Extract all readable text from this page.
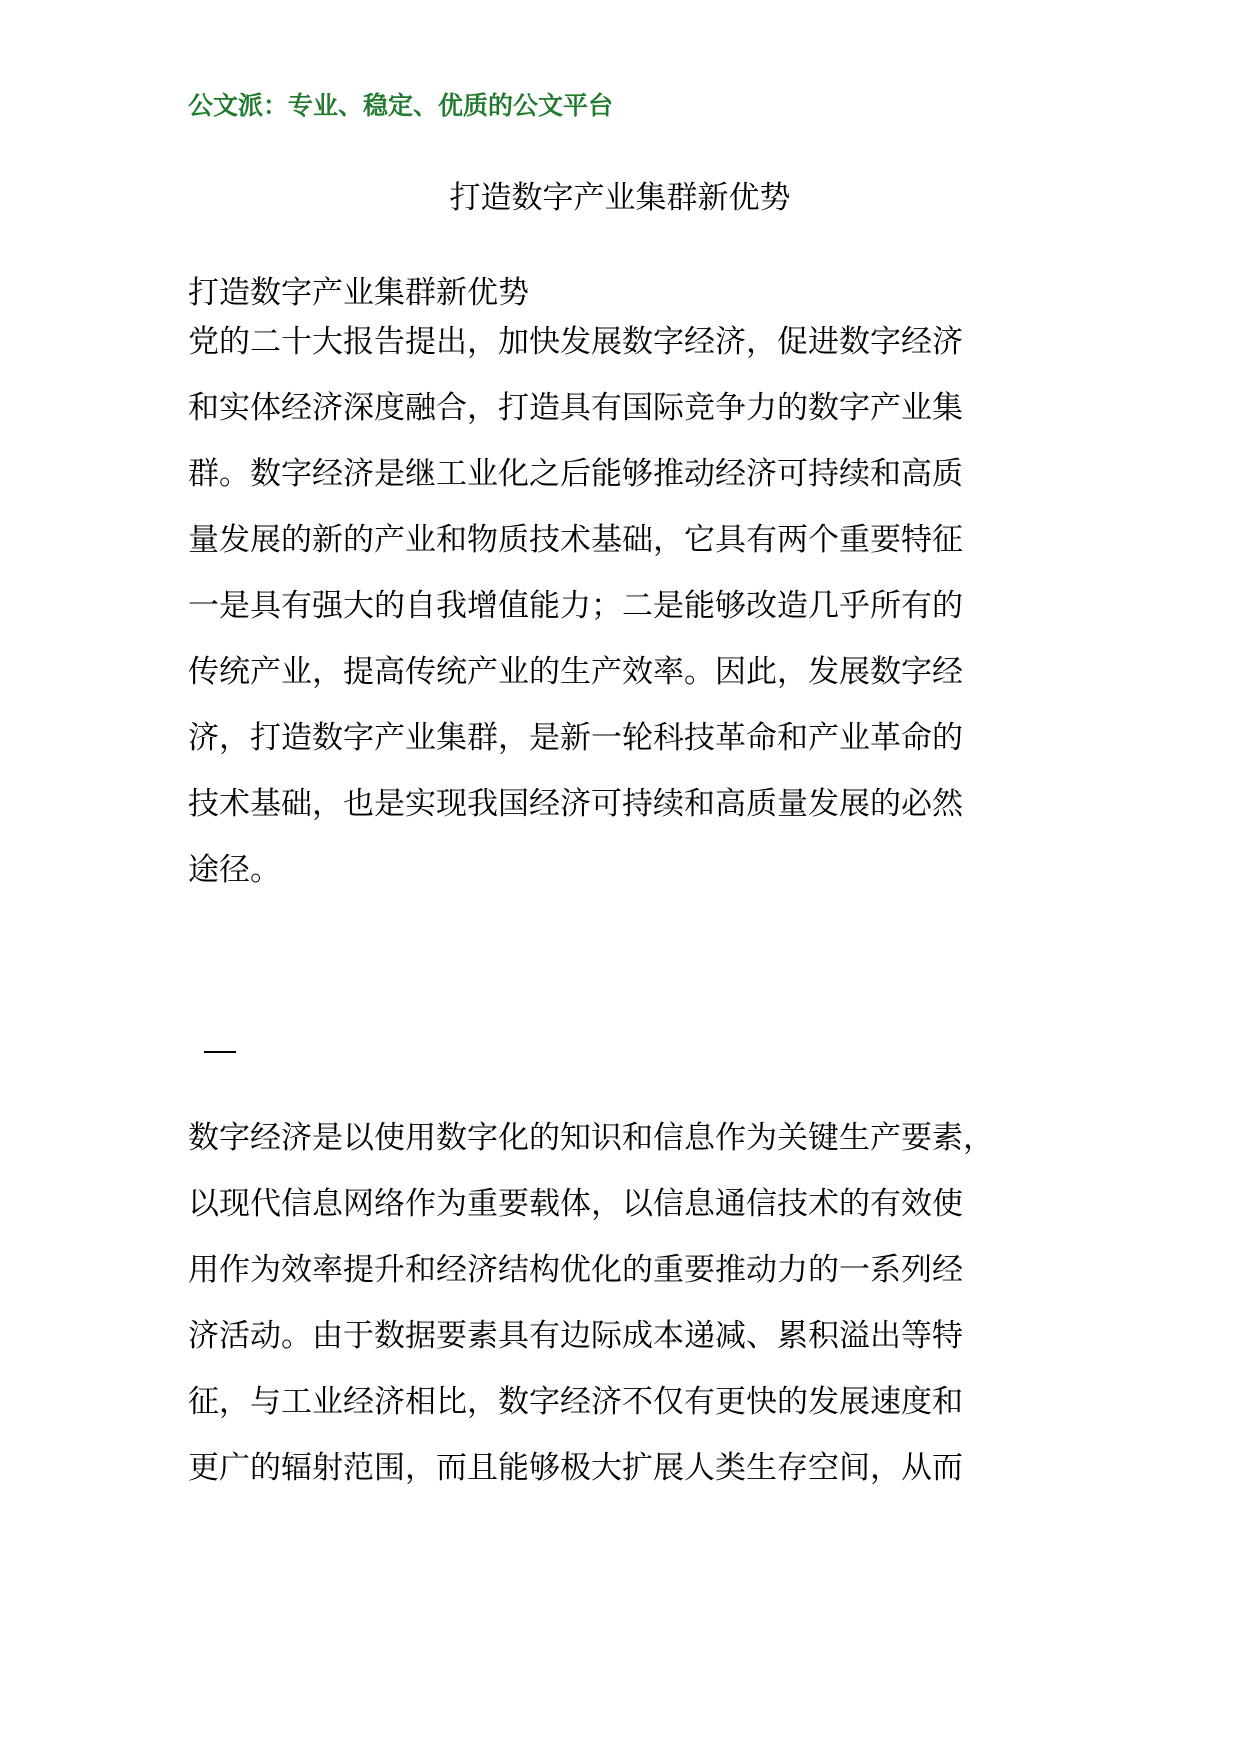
公文派：专业、稳定、优质的公文平台
打造数字产业集群新优势
打造数字产业集群新优势
党的二十大报告提出，加快发展数字经济，促进数字经济
和实体经济深度融合，打造具有国际竞争力的数字产业集
群。数字经济是继工业化之后能够推动经济可持续和高质
量发展的新的产业和物质技术基础，它具有两个重要特征
一是具有强大的自我增值能力；二是能够改造几乎所有的
传统产业，提高传统产业的生产效率。因此，发展数字经
济，打造数字产业集群，是新一轮科技革命和产业革命的
技术基础，也是实现我国经济可持续和高质量发展的必然
途径。
数字经济是以使用数字化的知识和信息作为关键生产要素，
以现代信息网络作为重要载体，以信息通信技术的有效使
用作为效率提升和经济结构优化的重要推动力的一系列经
济活动。由于数据要素具有边际成本递减、累积溢出等特
征，与工业经济相比，数字经济不仅有更快的发展速度和
更广的辐射范围，而且能够极大扩展人类生存空间，从而
